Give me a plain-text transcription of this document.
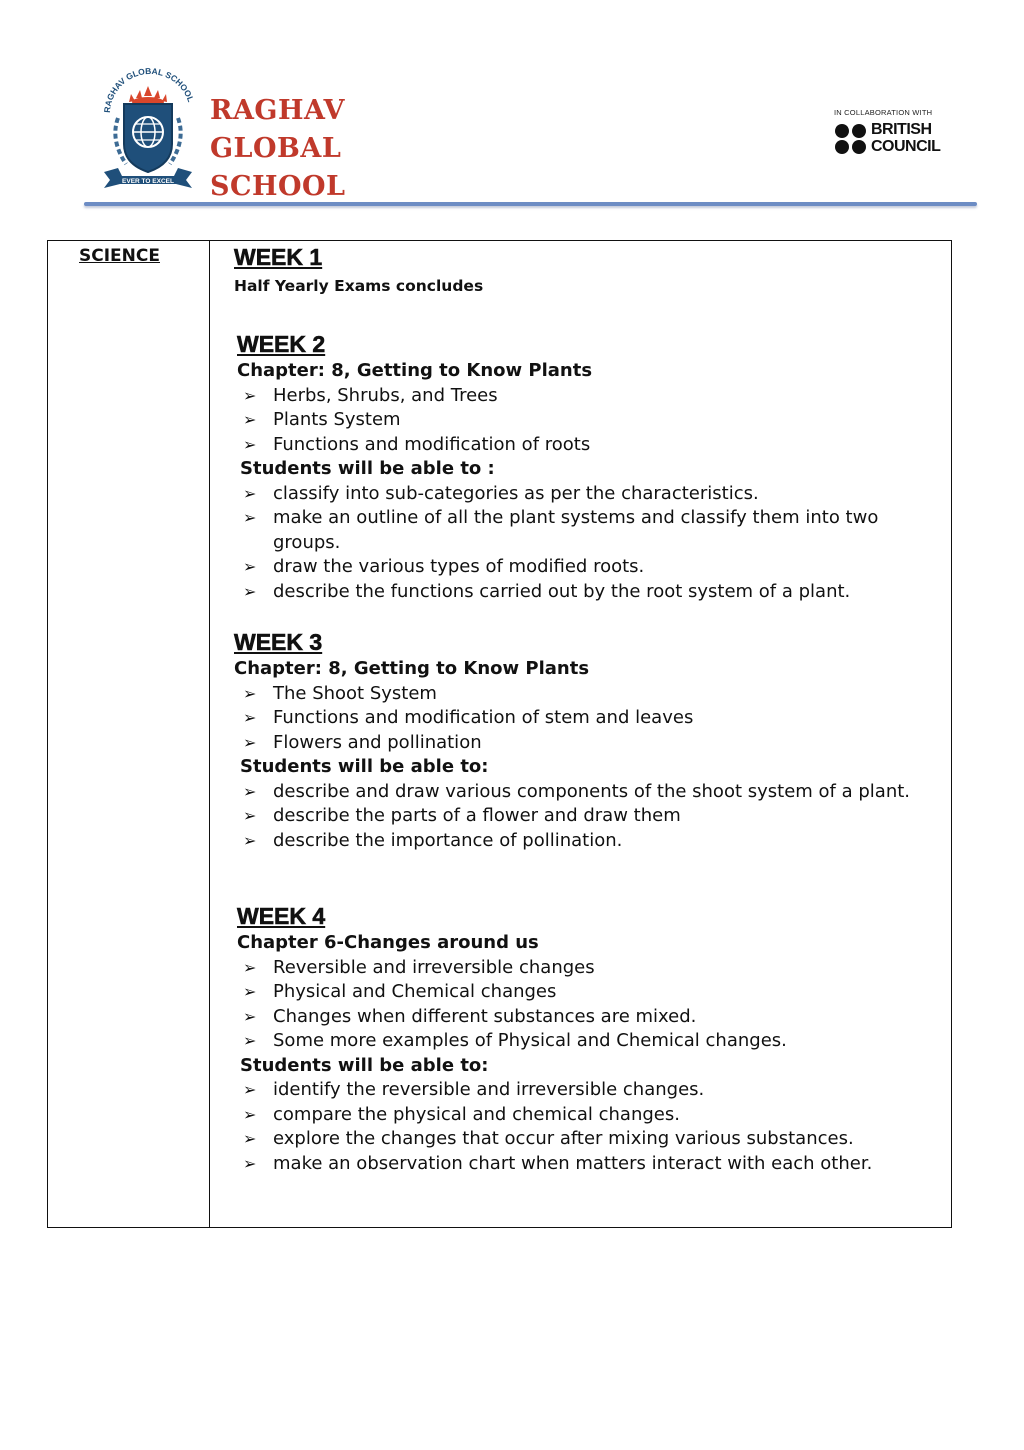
RAGHAV GLOBAL SCHOOL
EVER TO EXCEL
RAGHAV
GLOBAL
SCHOOL
IN COLLABORATION WITH
BRITISH
COUNCIL
SCIENCE	WEEK 1
Half Yearly Exams concludes
WEEK 2
Chapter: 8, Getting to Know Plants
➢ Herbs, Shrubs, and Trees
➢ Plants System
➢ Functions and modification of roots
Students will be able to :
➢ classify into sub-categories as per the characteristics.
➢ make an outline of all the plant systems and classify them into two groups.
➢ draw the various types of modified roots.
➢ describe the functions carried out by the root system of a plant.
WEEK 3
Chapter: 8, Getting to Know Plants
➢ The Shoot System
➢ Functions and modification of stem and leaves
➢ Flowers and pollination
Students will be able to:
➢ describe and draw various components of the shoot system of a plant.
➢ describe the parts of a flower and draw them
➢ describe the importance of pollination.
WEEK 4
Chapter 6-Changes around us
➢ Reversible and irreversible changes
➢ Physical and Chemical changes
➢ Changes when different substances are mixed.
➢ Some more examples of Physical and Chemical changes.
Students will be able to:
➢ identify the reversible and irreversible changes.
➢ compare the physical and chemical changes.
➢ explore the changes that occur after mixing various substances.
➢ make an observation chart when matters interact with each other.
